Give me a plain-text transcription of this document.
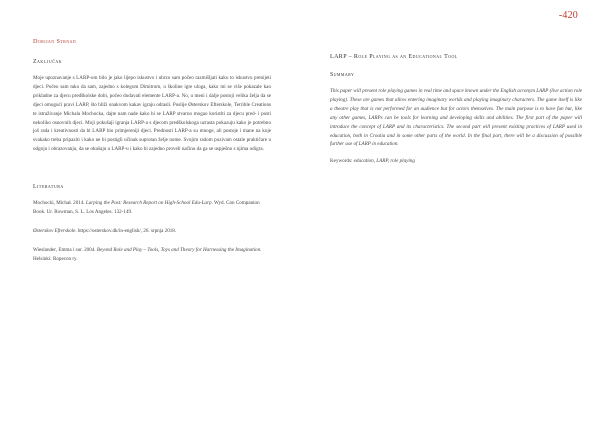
-420
Dorijan Strnad
Zaključak

Moje upoznavanje s LARP-om bilo je jako lijepo iskustvo i ubrzo sam počeo razmišljati kako to iskustvo prenijeti djeci. Počeo sam tako da sam, zajedno s kolegom Dimitrom, u školine igre uloga, kako mi se više pokazale kao prikladne za djecu predškolske dobi, počeo dodavati elemente LARP-a. No, u meni i dalje postoji velika želja da se djeci omogući pravi LARP, što bliži onakvom kakav igraju odrasli. Poslije Østerskov Efterskole, Terrible Creations te istraživanje Michala Mochocka, dajte nam nade kako bi se LARP stvarno mogao koristiti za djecu pred- i posti nekoliko osnovnih djeci. Moji pokušaji igranja LARP-a s djecom predškolskoga uzrasta pokazuju kako je potrebno još rada i kreativnosti da bi LARP bio primjereniji djeci. Prednosti LARP-a su mnoge, ali postoje i mane na koje svakako treba pripaziti i kako ne bi postigli učinak suprotan želje nome. Svojim radom pozivam ostale praktičare u odgoju i obrazovanju, da se okušaju u LARP-u i kako bi zajedno proveli načinu da ga se uspješno s njima odigra.

Literatura

Mochocki, Michał. 2014. Larping the Past: Research Report on High-School Edu-Larp. Wyd. Con Companion Book. Ur. Rowman, S. L. Los Angeles. 132-149.

Østerskov Efterskole. https://osterskov.dk/in-english/, 26. srpnja 2018.

Wieslander, Emma i sur. 2004. Beyond Role and Play – Tools, Toys and Theory for Harnessing the Imagination. Helsinki: Ropecon ry.

LARP – Role Playing as an Educational Tool
Summary

This paper will present role playing games in real time and space known under the English acronym LARP (live action role playing). These are games that allow entering imaginary worlds and playing imaginary characters. The game itself is like a theatre play that is not performed for an audience but for actors themselves. The main purpose is to have fun but, like any other games, LARPs can be tools for learning and developing skills and abilities. The first part of the paper will introduce the concept of LARP and its characteristics. The second part will present existing practices of LARP used in education, both in Croatia and in some other parts of the world. In the final part, there will be a discussion of possible further use of LARP in education.

Keywords: education, LARP, role playing
